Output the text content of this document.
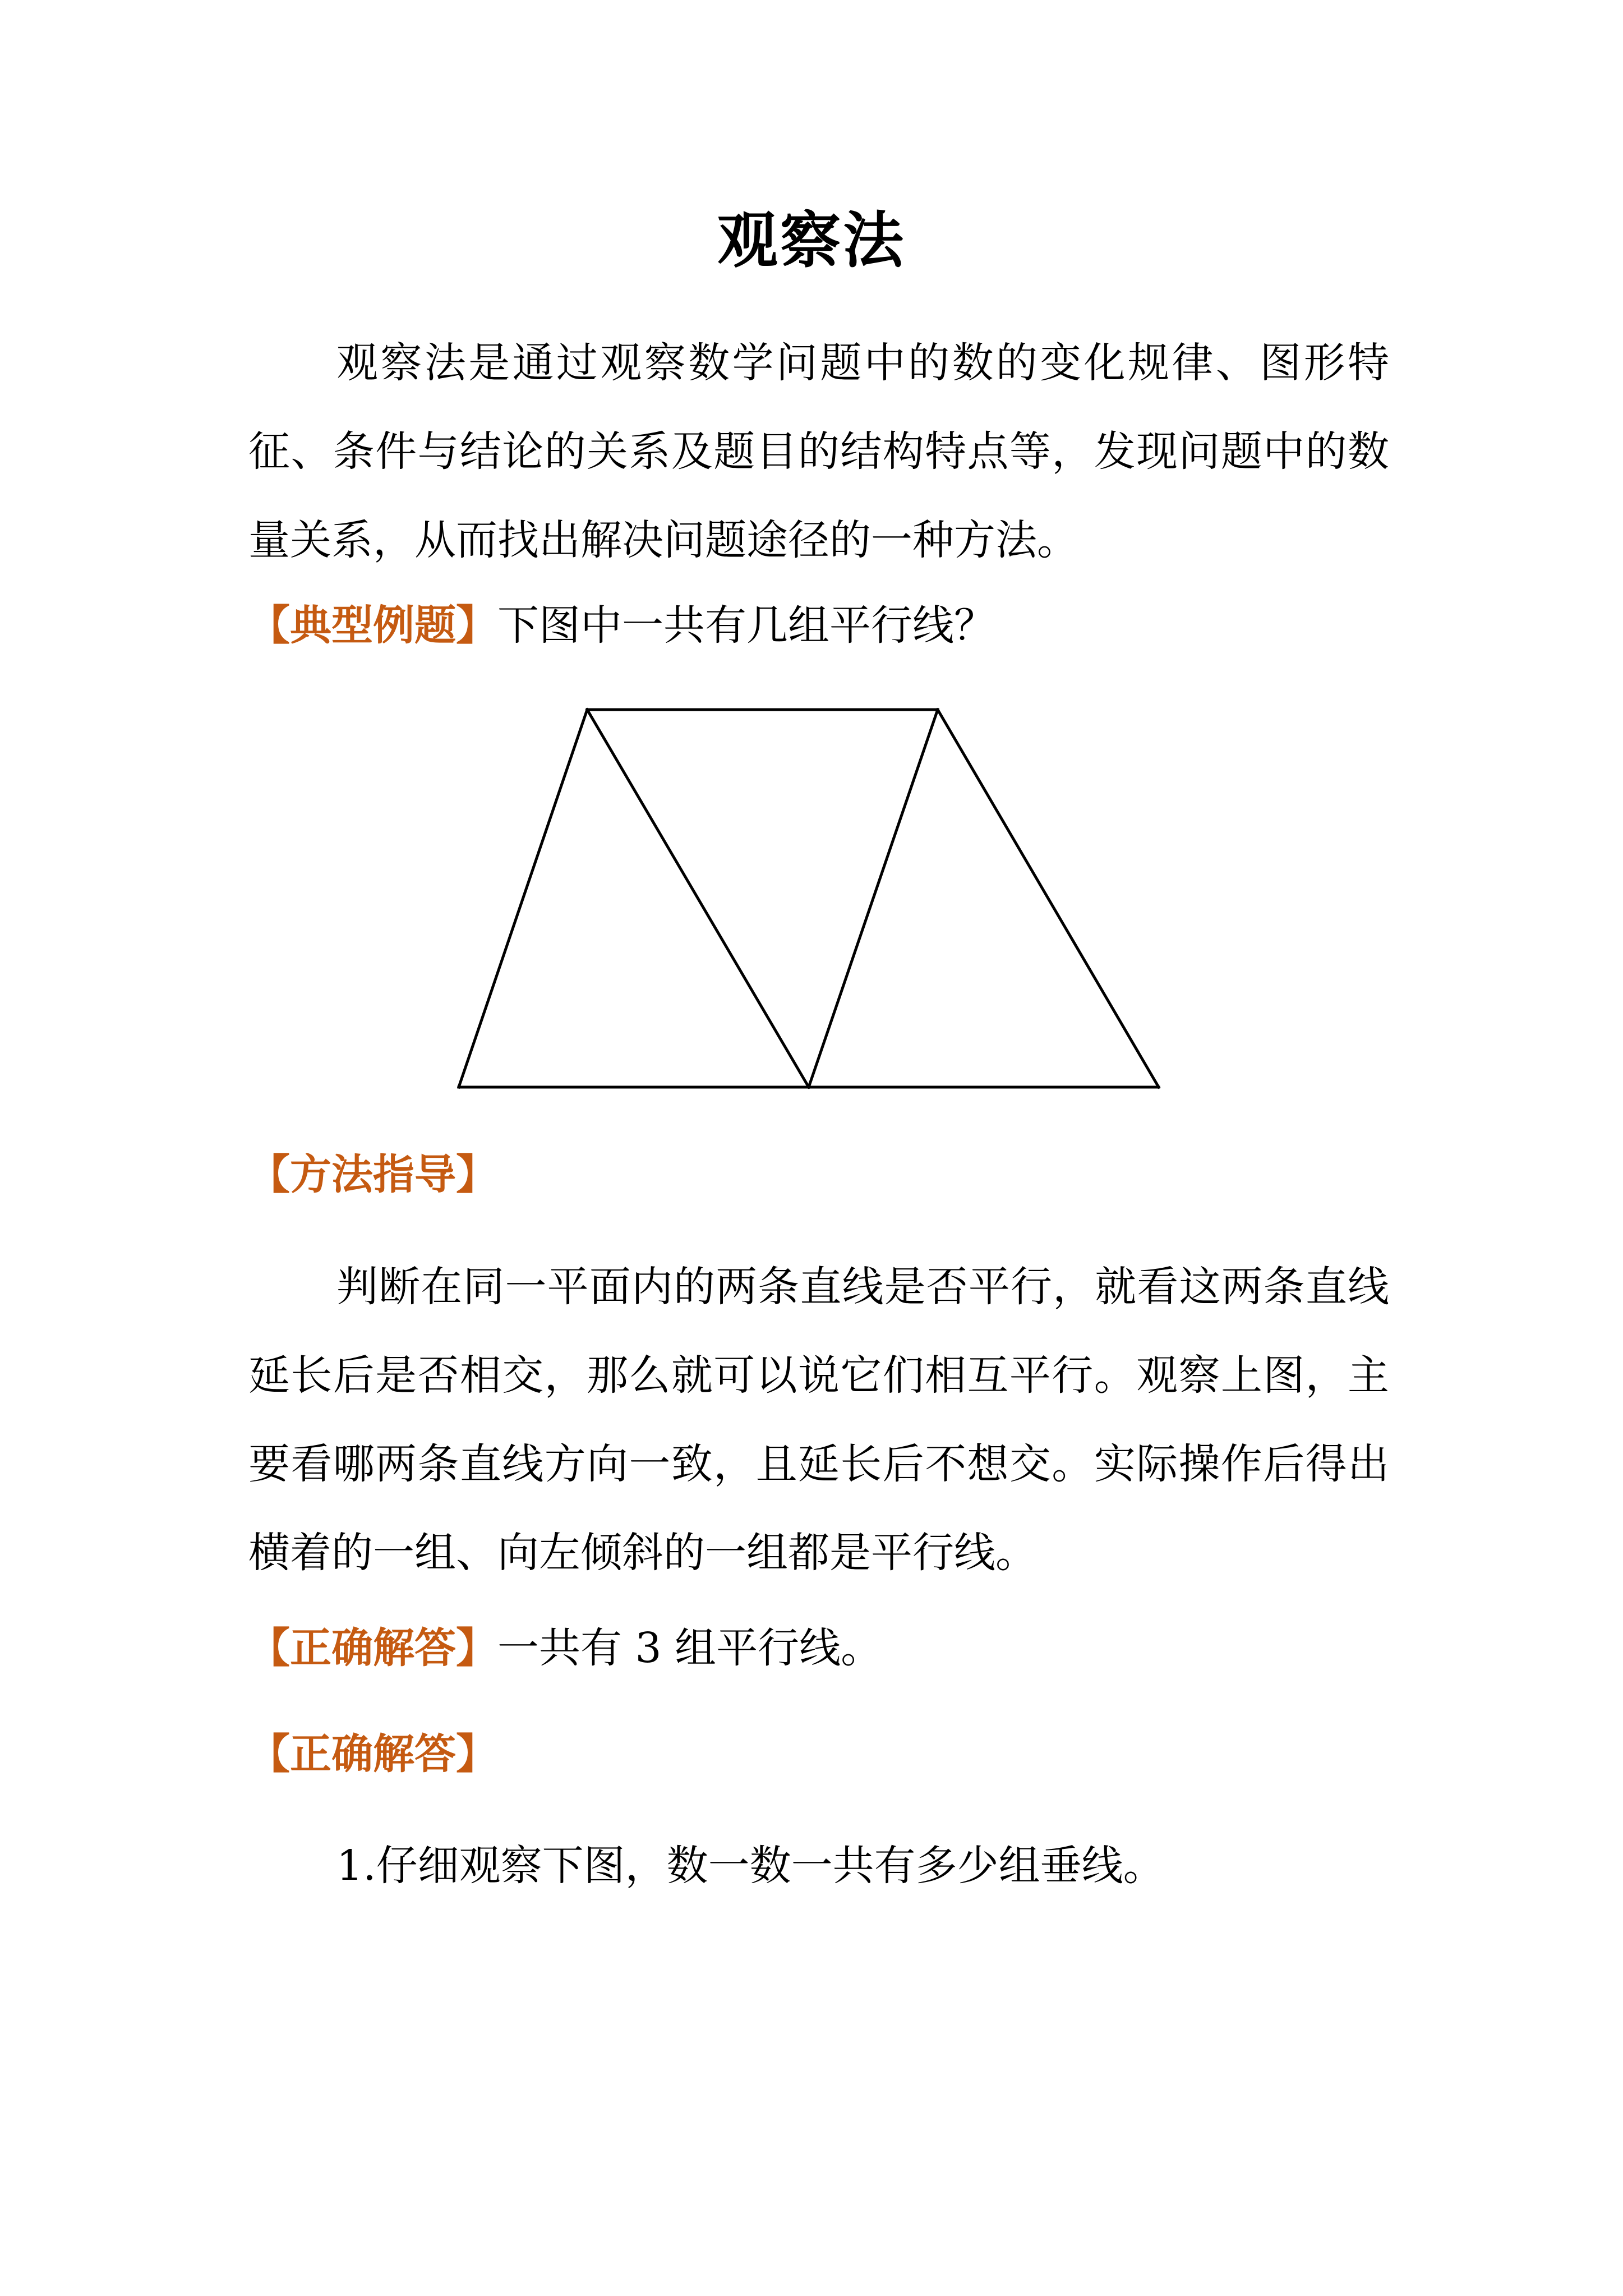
观察法

观察法是通过观察数学问题中的数的变化规律、图形特征、条件与结论的关系及题目的结构特点等，发现问题中的数量关系，从而找出解决问题途径的一种方法。

【典型例题】下图中一共有几组平行线？

【方法指导】

判断在同一平面内的两条直线是否平行，就看这两条直线延长后是否相交，那么就可以说它们相互平行。观察上图，主要看哪两条直线方向一致，且延长后不想交。实际操作后得出横着的一组、向左倾斜的一组都是平行线。

【正确解答】一共有 3 组平行线。

【正确解答】

1.仔细观察下图，数一数一共有多少组垂线。
